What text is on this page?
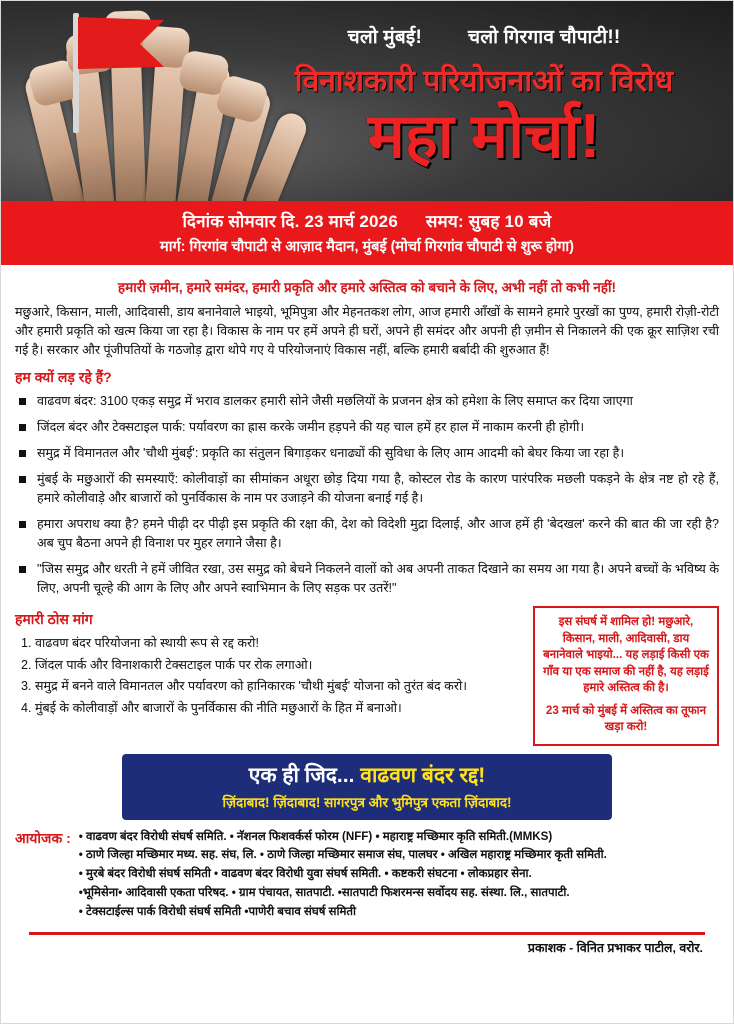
चलो मुंबई! चलो गिरगाव चौपाटी!!
विनाशकारी परियोजनाओं का विरोध
महा मोर्चा!
दिनांक सोमवार दि. 23 मार्च 2026 समय: सुबह 10 बजे
मार्ग: गिरगांव चौपाटी से आज़ाद मैदान, मुंबई (मोर्चा गिरगांव चौपाटी से शुरू होगा)
हमारी ज़मीन, हमारे समंदर, हमारी प्रकृति और हमारे अस्तित्व को बचाने के लिए, अभी नहीं तो कभी नहीं!
मछुआरे, किसान, माली, आदिवासी, डाय बनानेवाले भाइयो, भूमिपुत्रा और मेहनतकश लोग, आज हमारी आँखों के सामने हमारे पुरखों का पुण्य, हमारी रोज़ी-रोटी और हमारी प्रकृति को खत्म किया जा रहा है। विकास के नाम पर हमें अपने ही घरों, अपने ही समंदर और अपनी ही ज़मीन से निकालने की एक क्रूर साज़िश रची गई है। सरकार और पूंजीपतियों के गठजोड़ द्वारा थोपे गए ये परियोजनाएं विकास नहीं, बल्कि हमारी बर्बादी की शुरुआत हैं!
हम क्यों लड़ रहे हैं?
वाढवण बंदर: 3100 एकड़ समुद्र में भराव डालकर हमारी सोने जैसी मछलियों के प्रजनन क्षेत्र को हमेशा के लिए समाप्त कर दिया जाएगा
जिंदल बंदर और टेक्सटाइल पार्क: पर्यावरण का ह्रास करके जमीन हड़पने की यह चाल हमें हर हाल में नाकाम करनी ही होगी।
समुद्र में विमानतल और 'चौथी मुंबई': प्रकृति का संतुलन बिगाड़कर धनाढ्यों की सुविधा के लिए आम आदमी को बेघर किया जा रहा है।
मुंबई के मछुआरों की समस्याएँ: कोलीवाड़ों का सीमांकन अधूरा छोड़ दिया गया है, कोस्टल रोड के कारण पारंपरिक मछली पकड़ने के क्षेत्र नष्ट हो रहे हैं, हमारे कोलीवाड़े और बाजारों को पुनर्विकास के नाम पर उजाड़ने की योजना बनाई गई है।
हमारा अपराध क्या है? हमने पीढ़ी दर पीढ़ी इस प्रकृति की रक्षा की, देश को विदेशी मुद्रा दिलाई, और आज हमें ही 'बेदखल' करने की बात की जा रही है? अब चुप बैठना अपने ही विनाश पर मुहर लगाने जैसा है।
"जिस समुद्र और धरती ने हमें जीवित रखा, उस समुद्र को बेचने निकलने वालों को अब अपनी ताकत दिखाने का समय आ गया है। अपने बच्चों के भविष्य के लिए, अपनी चूल्हे की आग के लिए और अपने स्वाभिमान के लिए सड़क पर उतरें!"
हमारी ठोस मांग
1. वाढवण बंदर परियोजना को स्थायी रूप से रद्द करो!
2. जिंदल पार्क और विनाशकारी टेक्सटाइल पार्क पर रोक लगाओ।
3. समुद्र में बनने वाले विमानतल और पर्यावरण को हानिकारक 'चौथी मुंबई' योजना को तुरंत बंद करो।
4. मुंबई के कोलीवाड़ों और बाजारों के पुनर्विकास की नीति मछुआरों के हित में बनाओ।

इस संघर्ष में शामिल हो! मछुआरे, किसान, माली, आदिवासी, डाय बनानेवाले भाइयो... यह लड़ाई किसी एक गाँव या एक समाज की नहीं है, यह लड़ाई हमारे अस्तित्व की है।

23 मार्च को मुंबई में अस्तित्व का तूफान खड़ा करो!

एक ही जिद... वाढवण बंदर रद्द!
ज़िंदाबाद! ज़िंदाबाद! सागरपुत्र और भुमिपुत्र एकता ज़िंदाबाद!
आयोजक : • वाढवण बंदर विरोधी संघर्ष समिति. • नॅशनल फिशवर्कर्स फोरम (NFF) • महाराष्ट्र मच्छिमार कृति समिती.(MMKS)
• ठाणे जिल्हा मच्छिमार मध्य. सह. संघ, लि. • ठाणे जिल्हा मच्छिमार समाज संघ, पालघर • अखिल महाराष्ट्र मच्छिमार कृती समिती.
• मुरबे बंदर विरोधी संघर्ष समिती • वाढवण बंदर विरोधी युवा संघर्ष समिती. • कष्टकरी संघटना • लोकप्रहार सेना.
•भूमिसेना• आदिवासी एकता परिषद. • ग्राम पंचायत, सातपाटी. •सातपाटी फिशरमन्स सर्वोदय सह. संस्था. लि., सातपाटी.
• टेक्सटाईल्स पार्क विरोधी संघर्ष समिती •पाणेरी बचाव संघर्ष समिती
प्रकाशक - विनित प्रभाकर पाटील, वरोर.
